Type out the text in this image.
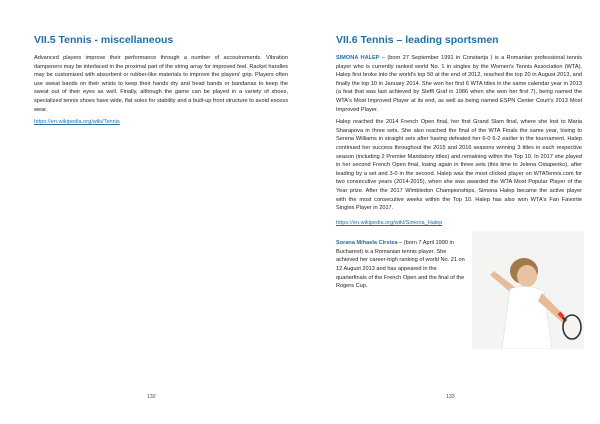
VII.5 Tennis - miscellaneous

Advanced players improve their performance through a number of accoutrements. Vibration dampeners may be interlaced in the proximal part of the string array for improved feel. Racket handles may be customized with absorbent or rubber-like materials to improve the players' grip. Players often use sweat bands on their wrists to keep their hands dry and head bands or bandanas to keep the sweat out of their eyes as well. Finally, although the game can be played in a variety of shoes, specialized tennis shoes have wide, flat soles for stability and a built-up front structure to avoid excess wear.

https://en.wikipedia.org/wiki/Tennis

132
VII.6 Tennis – leading sportsmen

SIMONA HALEP – (born 27 September 1991 in Constanța ) is a Romanian professional tennis player who is currently ranked world No. 1 in singles by the Women's Tennis Association (WTA). Halep first broke into the world's top 50 at the end of 2012, reached the top 20 in August 2013, and finally the top 10 in January 2014. She won her first 6 WTA titles in the same calendar year in 2013 (a feat that was last achieved by Steffi Graf in 1986 when she won her first 7), being named the WTA's Most Improved Player at its end, as well as being named ESPN Center Court's 2013 Most Improved Player.

Halep reached the 2014 French Open final, her first Grand Slam final, where she lost to Maria Sharapova in three sets. She also reached the final of the WTA Finals the same year, losing to Serena Williams in straight sets after having defeated her 6-0 6-2 earlier in the tournament. Halep continued her success throughout the 2015 and 2016 seasons winning 3 titles in each respective season (including 2 Premier Mandatory titles) and remaining within the Top 10. In 2017 she played in her second French Open final, losing again in three sets (this time to Jelena Ostapenko), after leading by a set and 3-0 in the second. Halep was the most clicked player on WTATennis.com for two consecutive years (2014-2015), when she was awarded the WTA Most Popular Player of the Year prize. After the 2017 Wimbledon Championships, Simona Halep became the active player with the most consecutive weeks within the Top 10. Halep has also won WTA's Fan Favorite Singles Player in 2017.

https://en.wikipedia.org/wiki/Simona_Halep

Sorana Mihaela Cîrstea – (born 7 April 1990 in Bucharest) is a Romanian tennis player. She achieved her career-high ranking of world No. 21 on 12 August 2013 and has appeared in the quarterfinals of the French Open and the final of the Rogers Cup.
133
